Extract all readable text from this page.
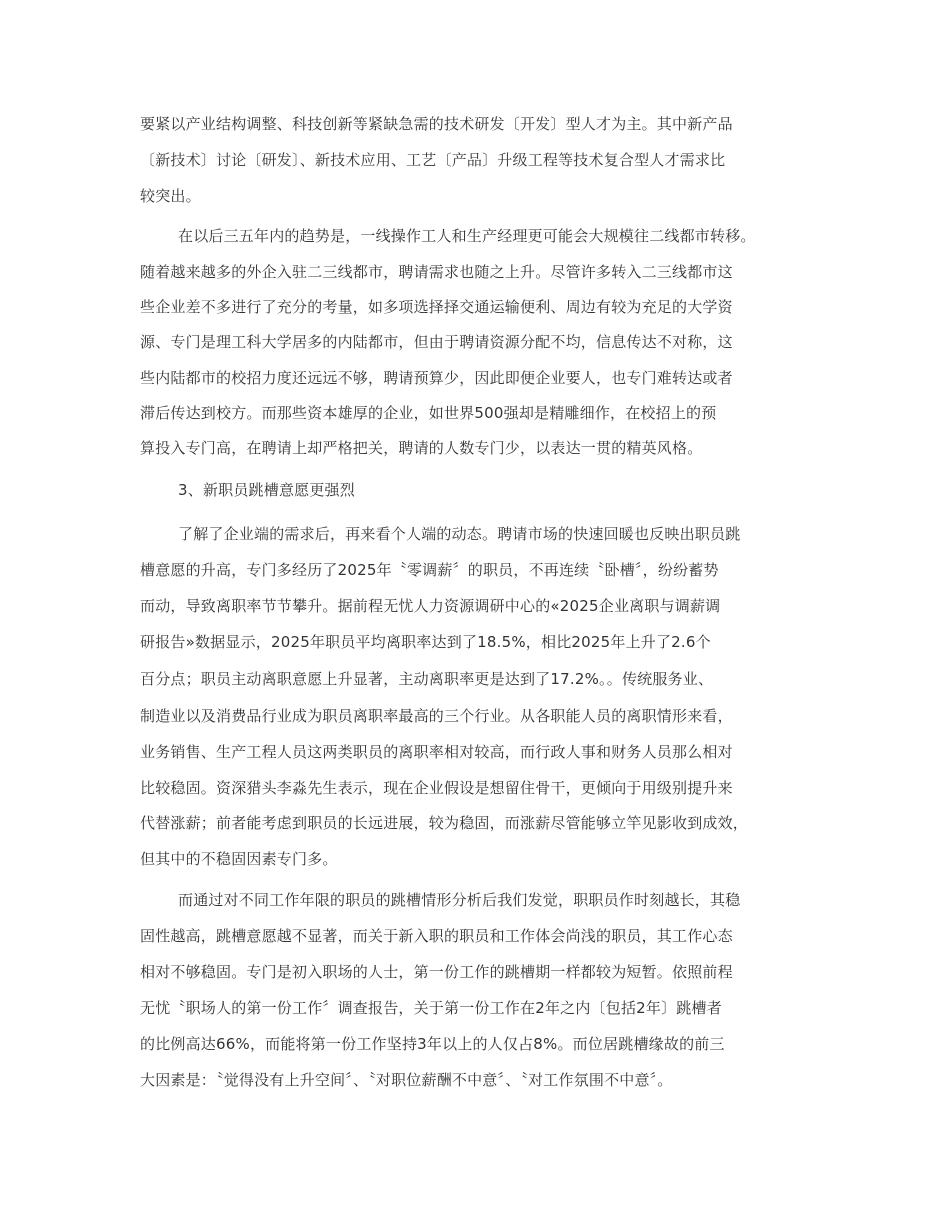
要紧以产业结构调整、科技创新等紧缺急需的技术研发〔开发〕型人才为主。其中新产品
〔新技术〕讨论〔研发〕、新技术应用、工艺〔产品〕升级工程等技术复合型人才需求比
较突出。
在以后三五年内的趋势是，一线操作工人和生产经理更可能会大规模往二线都市转移。
随着越来越多的外企入驻二三线都市，聘请需求也随之上升。尽管许多转入二三线都市这
些企业差不多进行了充分的考量，如多项选择择交通运输便利、周边有较为充足的大学资
源、专门是理工科大学居多的内陆都市，但由于聘请资源分配不均，信息传达不对称，这
些内陆都市的校招力度还远远不够，聘请预算少，因此即便企业要人，也专门难转达或者
滞后传达到校方。而那些资本雄厚的企业，如世界500强却是精雕细作，在校招上的预
算投入专门高，在聘请上却严格把关，聘请的人数专门少，以表达一贯的精英风格。
3、新职员跳槽意愿更强烈
了解了企业端的需求后，再来看个人端的动态。聘请市场的快速回暖也反映出职员跳
槽意愿的升高，专门多经历了2025年〝零调薪〞的职员，不再连续〝卧槽〞，纷纷蓄势
而动，导致离职率节节攀升。据前程无忧人力资源调研中心的«2025企业离职与调薪调
研报告»数据显示，2025年职员平均离职率达到了18.5%，相比2025年上升了2.6个
百分点；职员主动离职意愿上升显著，主动离职率更是达到了17.2%。。传统服务业、
制造业以及消费品行业成为职员离职率最高的三个行业。从各职能人员的离职情形来看，
业务销售、生产工程人员这两类职员的离职率相对较高，而行政人事和财务人员那么相对
比较稳固。资深猎头李淼先生表示，现在企业假设是想留住骨干，更倾向于用级别提升来
代替涨薪；前者能考虑到职员的长远进展，较为稳固，而涨薪尽管能够立竿见影收到成效，
但其中的不稳固因素专门多。
而通过对不同工作年限的职员的跳槽情形分析后我们发觉，职职员作时刻越长，其稳
固性越高，跳槽意愿越不显著，而关于新入职的职员和工作体会尚浅的职员，其工作心态
相对不够稳固。专门是初入职场的人士，第一份工作的跳槽期一样都较为短暂。依照前程
无忧〝职场人的第一份工作〞调查报告，关于第一份工作在2年之内〔包括2年〕跳槽者
的比例高达66%，而能将第一份工作坚持3年以上的人仅占8%。而位居跳槽缘故的前三
大因素是：〝觉得没有上升空间〞、〝对职位薪酬不中意〞、〝对工作氛围不中意〞。
